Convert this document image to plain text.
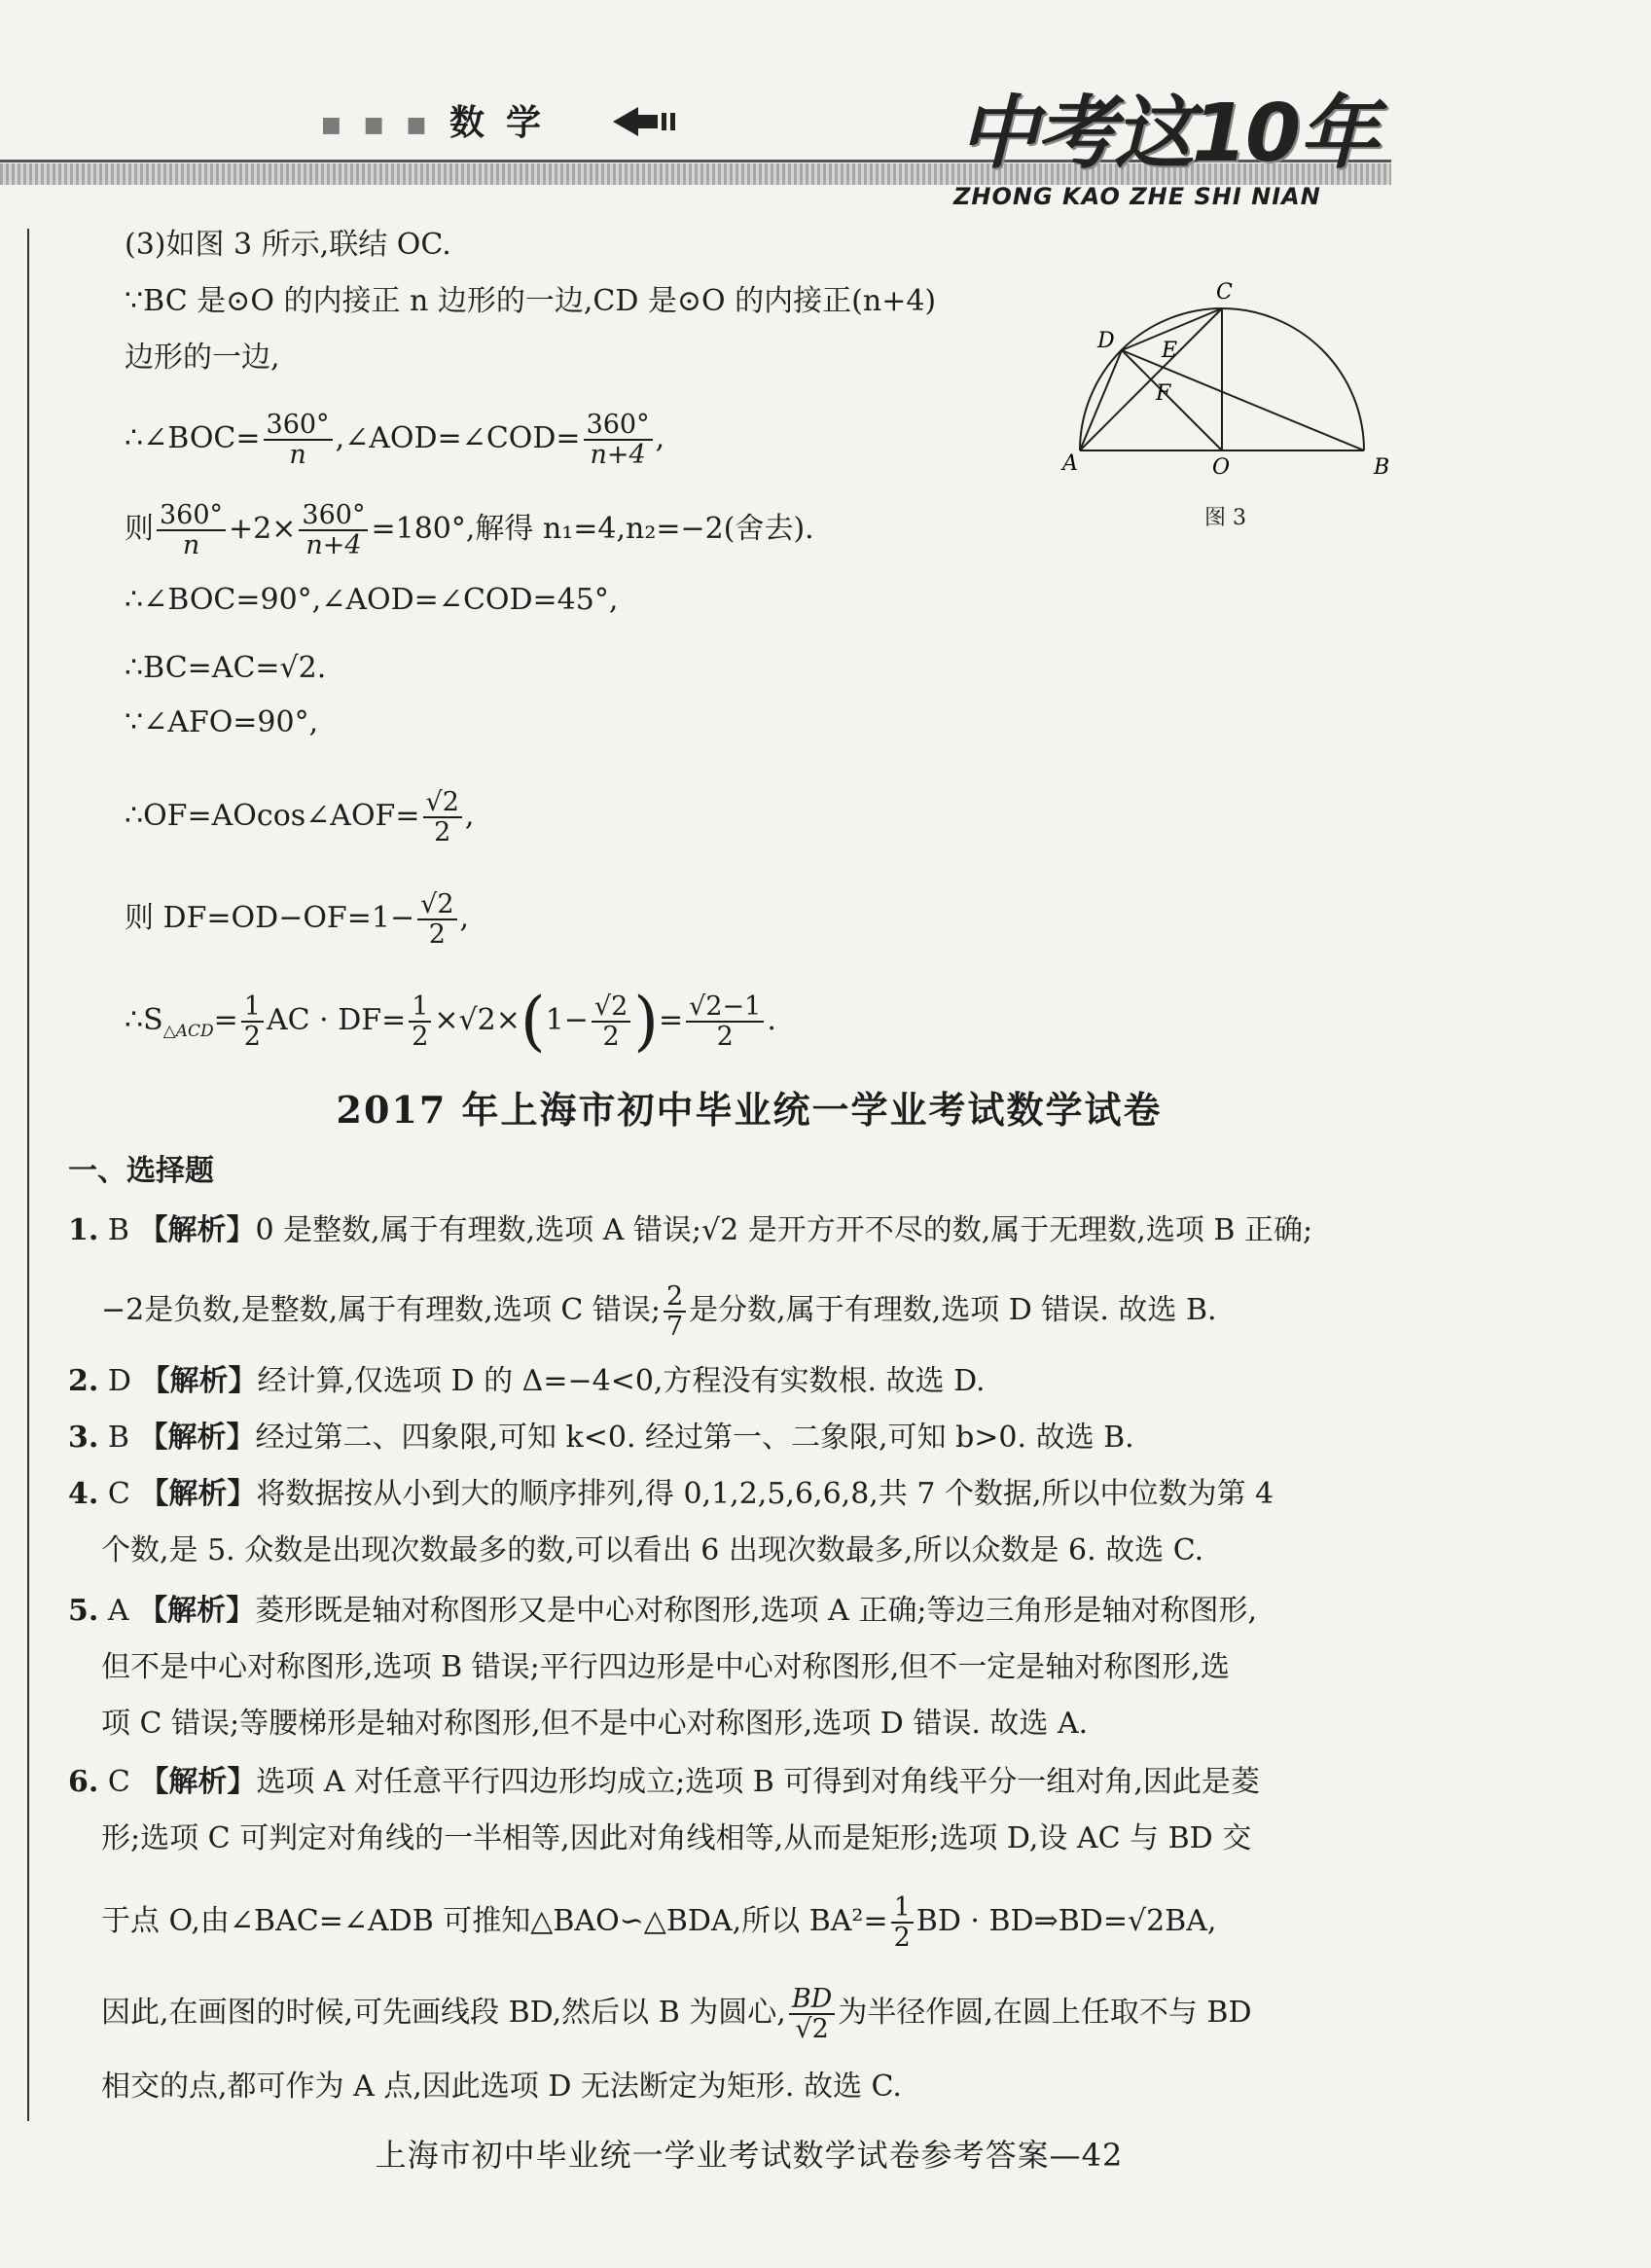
■ ■ ■ 数学	中考这10年
ZHONG KAO ZHE SHI NIAN
A	B
C
D E
F
O
图 3
(3)如图 3 所示,联结 OC.
∵BC 是⊙O 的内接正 n 边形的一边,CD 是⊙O 的内接正(n+4)
边形的一边,
∴∠BOC= $\frac{360^\circ}{n}$ ,∠AOD=∠COD= $\frac{360^\circ}{n+4}$ ,
则 $\frac{360^\circ}{n} +2\times \frac{360^\circ}{n+4} =180^\circ$,解得 n₁=4,n₂=−2(舍去).
∴∠BOC=90°,∠AOD=∠COD=45°,
∴BC=AC=√2.
∵∠AFO=90°,
∴OF=AOcos∠AOF= $\frac{√2}{2}$ ,
则 $DF=OD-OF=1- \frac{√2}{2}$ ,
$\therefore S_{\triangle ACD}= \frac{1}{2}$ AC · $DF= \frac{1}{2} \times√2\times(1- \frac{√2}{2}$ )= $\frac{√2-1}{2}$ .
2017 年上海市初中毕业统一学业考试数学试卷
一、选择题
1. B 【解析】0 是整数,属于有理数,选项 A 错误;√2 是开方开不尽的数,属于无理数,选项 B 正确;
−2是负数,是整数,属于有理数,选项 C 错误; $\frac{2}{7}$ 是分数,属于有理数,选项 D 错误. 故选 B.
2. D 【解析】经计算,仅选项 D 的 Δ=−4<0,方程没有实数根. 故选 D.
3. B 【解析】经过第二、四象限,可知 k<0. 经过第一、二象限,可知 b>0. 故选 B.
4. C 【解析】将数据按从小到大的顺序排列,得 0,1,2,5,6,6,8,共 7 个数据,所以中位数为第 4
个数,是 5. 众数是出现次数最多的数,可以看出 6 出现次数最多,所以众数是 6. 故选 C.
5. A 【解析】菱形既是轴对称图形又是中心对称图形,选项 A 正确;等边三角形是轴对称图形,
但不是中心对称图形,选项 B 错误;平行四边形是中心对称图形,但不一定是轴对称图形,选
项 C 错误;等腰梯形是轴对称图形,但不是中心对称图形,选项 D 错误. 故选 A.
6. C 【解析】选项 A 对任意平行四边形均成立;选项 B 可得到对角线平分一组对角,因此是菱
形;选项 C 可判定对角线的一半相等,因此对角线相等,从而是矩形;选项 D,设 AC 与 BD 交
于点 O,由∠BAC=∠ADB 可推知△BAO∽△BDA,所以 $BA^2= \frac{1}{2}$ BD · BD⇒BD=√2BA,
因此,在画图的时候,可先画线段 BD,然后以 B 为圆心, $\frac{BD}{√2}$ 为半径作圆,在圆上任取不与 BD
相交的点,都可作为 A 点,因此选项 D 无法断定为矩形. 故选 C.
上海市初中毕业统一学业考试数学试卷参考答案—42
